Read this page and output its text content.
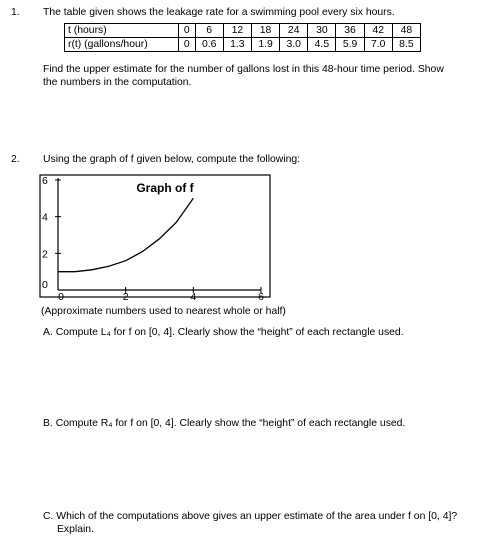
1. The table given shows the leakage rate for a swimming pool every six hours.
t (hours)	0	6	12	18	24	30	36	42	48
r(t) (gallons/hour)	0	0.6	1.3	1.9	3.0	4.5	5.9	7.0	8.5
Find the upper estimate for the number of gallons lost in this 48-hour time period. Show
the numbers in the computation.
2. Using the graph of f given below, compute the following:
Graph of f
6
4
2
0
0	2	4	6
(Approximate numbers used to nearest whole or half)
A. Compute L₄ for f on [0, 4]. Clearly show the “height” of each rectangle used.
B. Compute R₄ for f on [0, 4]. Clearly show the “height” of each rectangle used.
C. Which of the computations above gives an upper estimate of the area under f on [0, 4]?
Explain.
